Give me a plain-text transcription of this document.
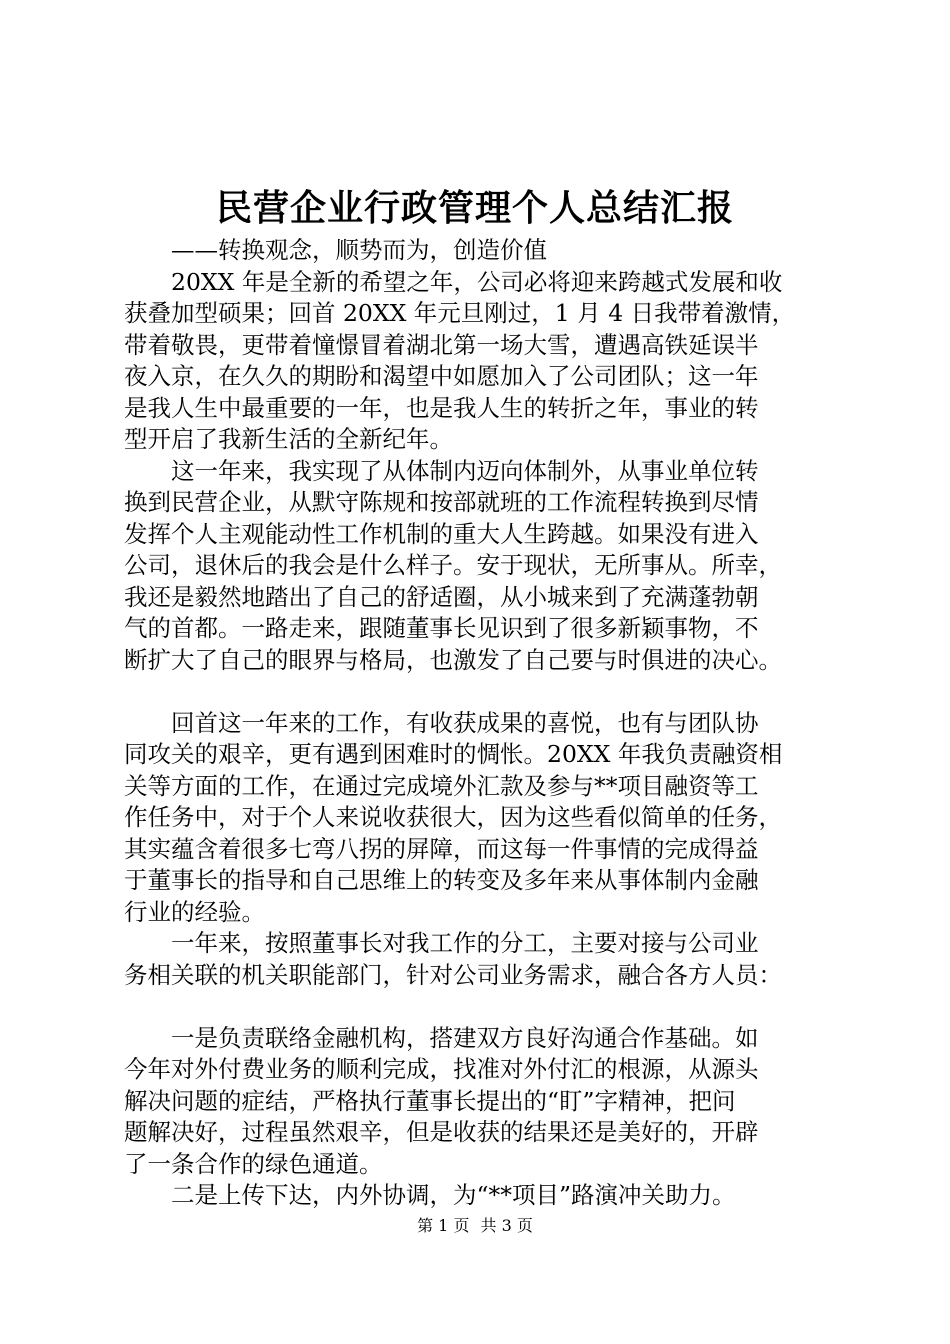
民营企业行政管理个人总结汇报
——转换观念，顺势而为，创造价值
20XX 年是全新的希望之年，公司必将迎来跨越式发展和收
获叠加型硕果；回首 20XX 年元旦刚过，1 月 4 日我带着激情，
带着敬畏，更带着憧憬冒着湖北第一场大雪，遭遇高铁延误半
夜入京，在久久的期盼和渴望中如愿加入了公司团队；这一年
是我人生中最重要的一年，也是我人生的转折之年，事业的转
型开启了我新生活的全新纪年。
这一年来，我实现了从体制内迈向体制外，从事业单位转
换到民营企业，从默守陈规和按部就班的工作流程转换到尽情
发挥个人主观能动性工作机制的重大人生跨越。如果没有进入
公司，退休后的我会是什么样子。安于现状，无所事从。所幸，
我还是毅然地踏出了自己的舒适圈，从小城来到了充满蓬勃朝
气的首都。一路走来，跟随董事长见识到了很多新颖事物，不
断扩大了自己的眼界与格局，也激发了自己要与时俱进的决心。
回首这一年来的工作，有收获成果的喜悦，也有与团队协
同攻关的艰辛，更有遇到困难时的惆怅。20XX 年我负责融资相
关等方面的工作，在通过完成境外汇款及参与**项目融资等工
作任务中，对于个人来说收获很大，因为这些看似简单的任务，
其实蕴含着很多七弯八拐的屏障，而这每一件事情的完成得益
于董事长的指导和自己思维上的转变及多年来从事体制内金融
行业的经验。
一年来，按照董事长对我工作的分工，主要对接与公司业
务相关联的机关职能部门，针对公司业务需求，融合各方人员：
一是负责联络金融机构，搭建双方良好沟通合作基础。如
今年对外付费业务的顺利完成，找准对外付汇的根源，从源头
解决问题的症结，严格执行董事长提出的“盯”字精神，把问
题解决好，过程虽然艰辛，但是收获的结果还是美好的，开辟
了一条合作的绿色通道。
二是上传下达，内外协调，为“**项目”路演冲关助力。
第 1 页 共 3 页
